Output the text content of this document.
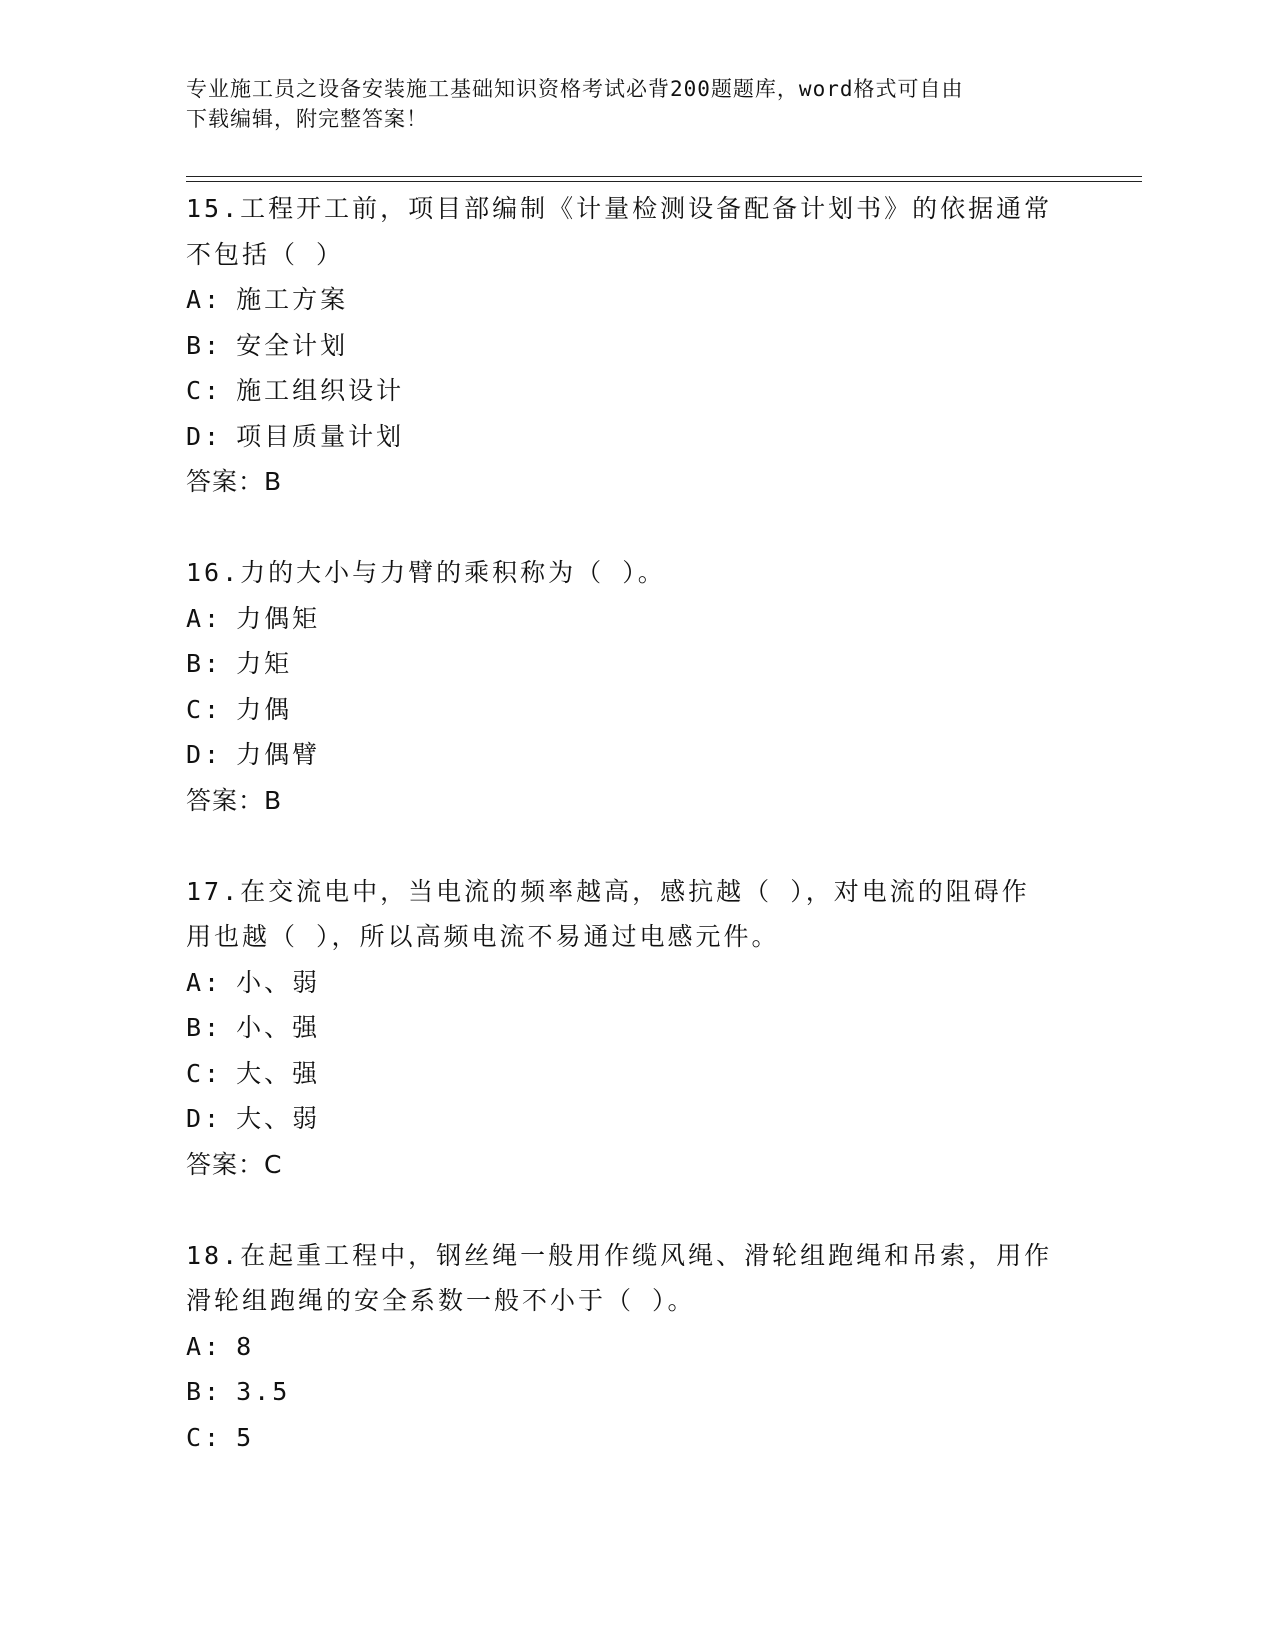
专业施工员之设备安装施工基础知识资格考试必背200题题库，word格式可自由
下载编辑，附完整答案！
15.工程开工前，项目部编制《计量检测设备配备计划书》的依据通常
不包括（ ）
A: 施工方案
B: 安全计划
C: 施工组织设计
D: 项目质量计划
答案：B
16.力的大小与力臂的乘积称为（ ）。
A: 力偶矩
B: 力矩
C: 力偶
D: 力偶臂
答案：B
17.在交流电中，当电流的频率越高，感抗越（ ），对电流的阻碍作
用也越（ ），所以高频电流不易通过电感元件。
A: 小、弱
B: 小、强
C: 大、强
D: 大、弱
答案：C
18.在起重工程中，钢丝绳一般用作缆风绳、滑轮组跑绳和吊索，用作
滑轮组跑绳的安全系数一般不小于（ ）。
A: 8
B: 3.5
C: 5
